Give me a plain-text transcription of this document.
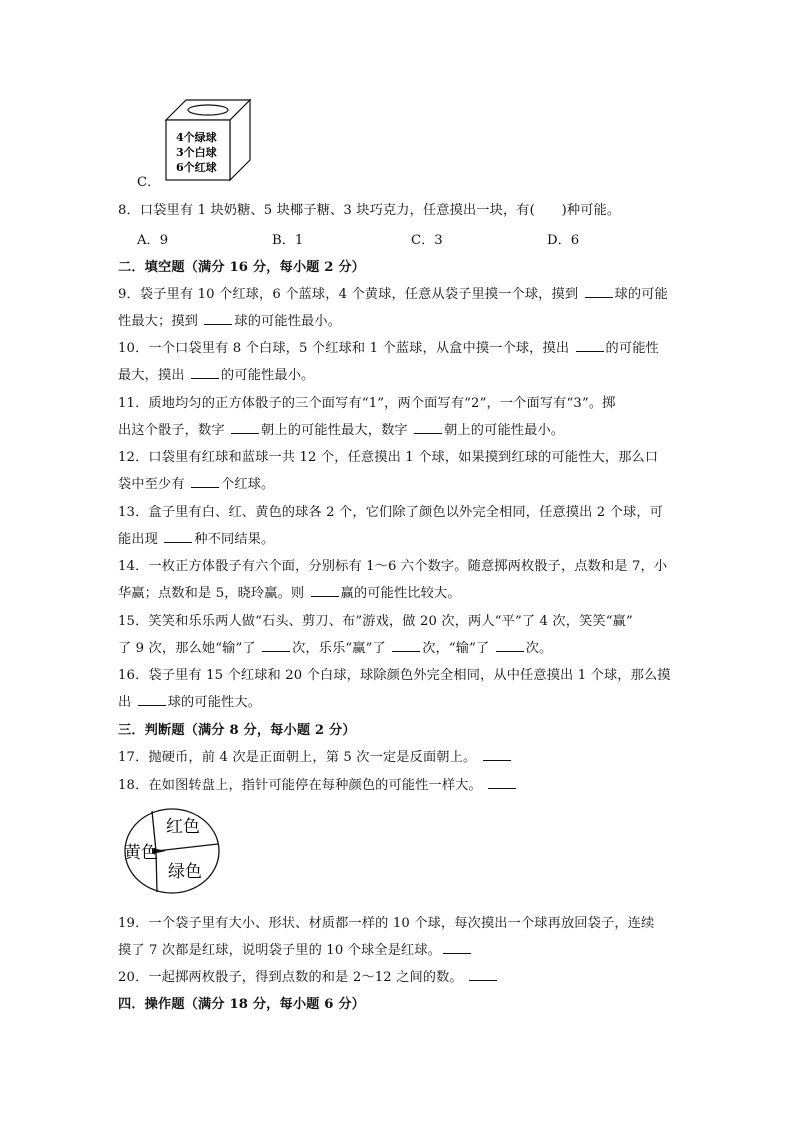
4个绿球
3个白球
6个红球
C．
8．口袋里有 1 块奶糖、5 块椰子糖、3 块巧克力，任意摸出一块，有(　　)种可能。
A．9	B．1	C．3	D．6
二．填空题（满分 16 分，每小题 2 分）
9．袋子里有 10 个红球，6 个蓝球，4 个黄球，任意从袋子里摸一个球，摸到 球的可能
性最大；摸到 球的可能性最小。
10．一个口袋里有 8 个白球，5 个红球和 1 个蓝球，从盒中摸一个球，摸出 的可能性
最大，摸出 的可能性最小。
11．质地均匀的正方体骰子的三个面写有“1”，两个面写有“2”，一个面写有“3”。掷
出这个骰子，数字 朝上的可能性最大，数字 朝上的可能性最小。
12．口袋里有红球和蓝球一共 12 个，任意摸出 1 个球，如果摸到红球的可能性大，那么口
袋中至少有 个红球。
13．盒子里有白、红、黄色的球各 2 个，它们除了颜色以外完全相同，任意摸出 2 个球，可
能出现 种不同结果。
14．一枚正方体骰子有六个面，分别标有 1～6 六个数字。随意掷两枚骰子，点数和是 7，小
华赢；点数和是 5，晓玲赢。则 赢的可能性比较大。
15．笑笑和乐乐两人做“石头、剪刀、布”游戏，做 20 次，两人“平”了 4 次，笑笑“赢”
了 9 次，那么她“输”了 次，乐乐“赢”了 次，“输”了 次。
16．袋子里有 15 个红球和 20 个白球，球除颜色外完全相同，从中任意摸出 1 个球，那么摸
出 球的可能性大。
三．判断题（满分 8 分，每小题 2 分）
17．抛硬币，前 4 次是正面朝上，第 5 次一定是反面朝上。
18．在如图转盘上，指针可能停在每种颜色的可能性一样大。
红色
黄色
绿色
19．一个袋子里有大小、形状、材质都一样的 10 个球，每次摸出一个球再放回袋子，连续
摸了 7 次都是红球，说明袋子里的 10 个球全是红球。
20．一起掷两枚骰子，得到点数的和是 2～12 之间的数。
四．操作题（满分 18 分，每小题 6 分）
